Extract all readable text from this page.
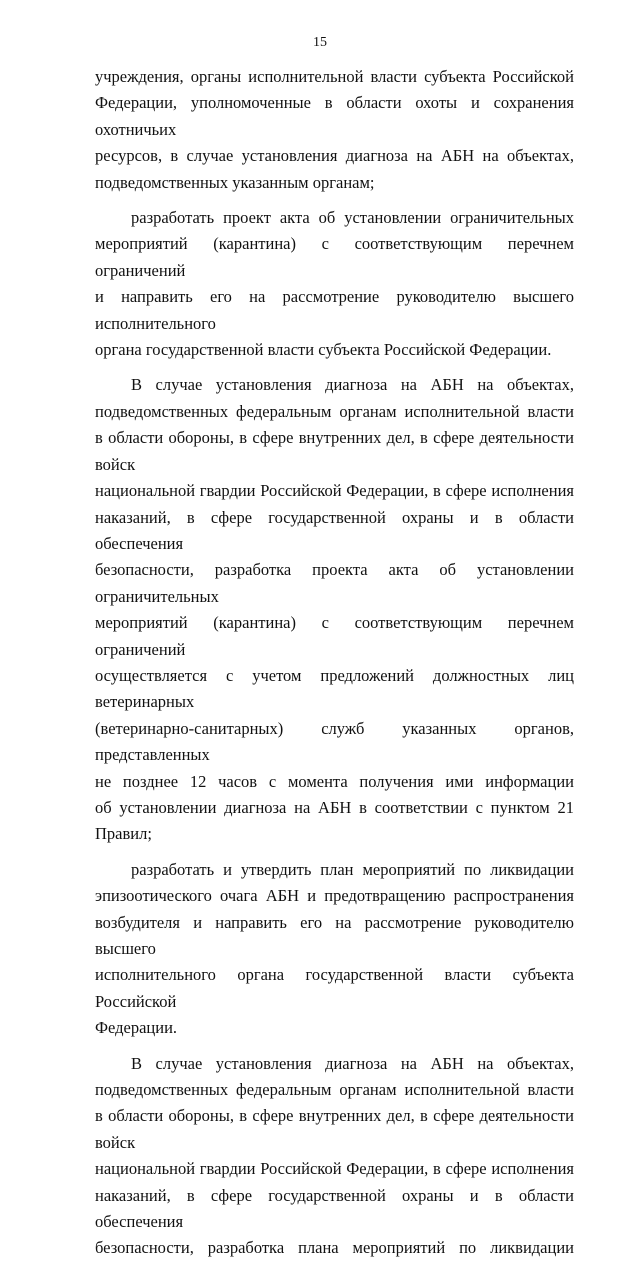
15

учреждения, органы исполнительной власти субъекта Российской

Федерации, уполномоченные в области охоты и сохранения охотничьих

ресурсов, в случае установления диагноза на АБН на объектах,

подведомственных указанным органам;

разработать проект акта об установлении ограничительных

мероприятий (карантина) с соответствующим перечнем ограничений

и направить его на рассмотрение руководителю высшего исполнительного

органа государственной власти субъекта Российской Федерации.

В случае установления диагноза на АБН на объектах,

подведомственных федеральным органам исполнительной власти

в области обороны, в сфере внутренних дел, в сфере деятельности войск

национальной гвардии Российской Федерации, в сфере исполнения

наказаний, в сфере государственной охраны и в области обеспечения

безопасности, разработка проекта акта об установлении ограничительных

мероприятий (карантина) с соответствующим перечнем ограничений

осуществляется с учетом предложений должностных лиц ветеринарных

(ветеринарно-санитарных) служб указанных органов, представленных

не позднее 12 часов с момента получения ими информации

об установлении диагноза на АБН в соответствии с пунктом 21 Правил;

разработать и утвердить план мероприятий по ликвидации

эпизоотического очага АБН и предотвращению распространения

возбудителя и направить его на рассмотрение руководителю высшего

исполнительного органа государственной власти субъекта Российской

Федерации.

В случае установления диагноза на АБН на объектах,

подведомственных федеральным органам исполнительной власти

в области обороны, в сфере внутренних дел, в сфере деятельности войск

национальной гвардии Российской Федерации, в сфере исполнения

наказаний, в сфере государственной охраны и в области обеспечения

безопасности, разработка плана мероприятий по ликвидации
